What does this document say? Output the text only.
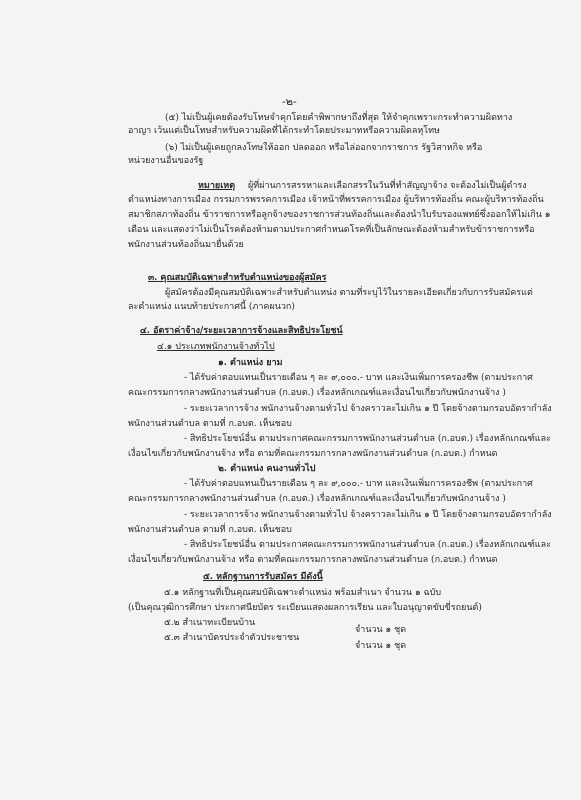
-๒-
(๕) ไม่เป็นผู้เคยต้องรับโทษจำคุกโดยคำพิพากษาถึงที่สุด ให้จำคุกเพราะกระทำความผิดทาง
อาญา เว้นแต่เป็นโทษสำหรับความผิดที่ได้กระทำโดยประมาทหรือความผิดลหุโทษ
(๖) ไม่เป็นผู้เคยถูกลงโทษให้ออก ปลดออก หรือไล่ออกจากราชการ รัฐวิสาหกิจ หรือ
หน่วยงานอื่นของรัฐ
หมายเหตุ ผู้ที่ผ่านการสรรหาและเลือกสรรในวันที่ทำสัญญาจ้าง จะต้องไม่เป็นผู้ดำรง
ตำแหน่งทางการเมือง กรรมการพรรคการเมือง เจ้าหน้าที่พรรคการเมือง ผู้บริหารท้องถิ่น คณะผู้บริหารท้องถิ่น
สมาชิกสภาท้องถิ่น ข้าราชการหรือลูกจ้างของราชการส่วนท้องถิ่นและต้องนำใบรับรองแพทย์ซึ่งออกให้ไม่เกิน ๑
เดือน และแสดงว่าไม่เป็นโรคต้องห้ามตามประกาศกำหนดโรคที่เป็นลักษณะต้องห้ามสำหรับข้าราชการหรือ
พนักงานส่วนท้องถิ่นมายื่นด้วย
๓. คุณสมบัติเฉพาะสำหรับตำแหน่งของผู้สมัคร
ผู้สมัครต้องมีคุณสมบัติเฉพาะสำหรับตำแหน่ง ตามที่ระบุไว้ในรายละเอียดเกี่ยวกับการรับสมัครแต่
ละตำแหน่ง แนบท้ายประกาศนี้ (ภาคผนวก)
๔. อัตราค่าจ้าง/ระยะเวลาการจ้างและสิทธิประโยชน์
๔.๑ ประเภทพนักงานจ้างทั่วไป
๑. ตำแหน่ง ยาม
- ได้รับค่าตอบแทนเป็นรายเดือน ๆ ละ ๙,๐๐๐.- บาท และเงินเพิ่มการครองชีพ (ตามประกาศ
คณะกรรมการกลางพนักงานส่วนตำบล (ก.อบต.) เรื่องหลักเกณฑ์และเงื่อนไขเกี่ยวกับพนักงานจ้าง )
- ระยะเวลาการจ้าง พนักงานจ้างตามทั่วไป จ้างคราวละไม่เกิน ๑ ปี โดยจ้างตามกรอบอัตรากำลัง
พนักงานส่วนตำบล ตามที่ ก.อบต. เห็นชอบ
- สิทธิประโยชน์อื่น ตามประกาศคณะกรรมการพนักงานส่วนตำบล (ก.อบต.) เรื่องหลักเกณฑ์และ
เงื่อนไขเกี่ยวกับพนักงานจ้าง หรือ ตามที่คณะกรรมการกลางพนักงานส่วนตำบล (ก.อบต.) กำหนด
๒. ตำแหน่ง คนงานทั่วไป
- ได้รับค่าตอบแทนเป็นรายเดือน ๆ ละ ๙,๐๐๐.- บาท และเงินเพิ่มการครองชีพ (ตามประกาศ
คณะกรรมการกลางพนักงานส่วนตำบล (ก.อบต.) เรื่องหลักเกณฑ์และเงื่อนไขเกี่ยวกับพนักงานจ้าง )
- ระยะเวลาการจ้าง พนักงานจ้างตามทั่วไป จ้างคราวละไม่เกิน ๑ ปี โดยจ้างตามกรอบอัตรากำลัง
พนักงานส่วนตำบล ตามที่ ก.อบต. เห็นชอบ
- สิทธิประโยชน์อื่น ตามประกาศคณะกรรมการพนักงานส่วนตำบล (ก.อบต.) เรื่องหลักเกณฑ์และ
เงื่อนไขเกี่ยวกับพนักงานจ้าง หรือ ตามที่คณะกรรมการกลางพนักงานส่วนตำบล (ก.อบต.) กำหนด
๕. หลักฐานการรับสมัคร มีดังนี้
๕.๑ หลักฐานที่เป็นคุณสมบัติเฉพาะตำแหน่ง พร้อมสำเนา จำนวน ๑ ฉบับ
(เป็นคุณวุฒิการศึกษา ประกาศนียบัตร ระเบียนแสดงผลการเรียน และใบอนุญาตขับขี่รถยนต์)
๕.๒ สำเนาทะเบียนบ้าน
จำนวน ๑ ชุด
๕.๓ สำเนาบัตรประจำตัวประชาชน
จำนวน ๑ ชุด
